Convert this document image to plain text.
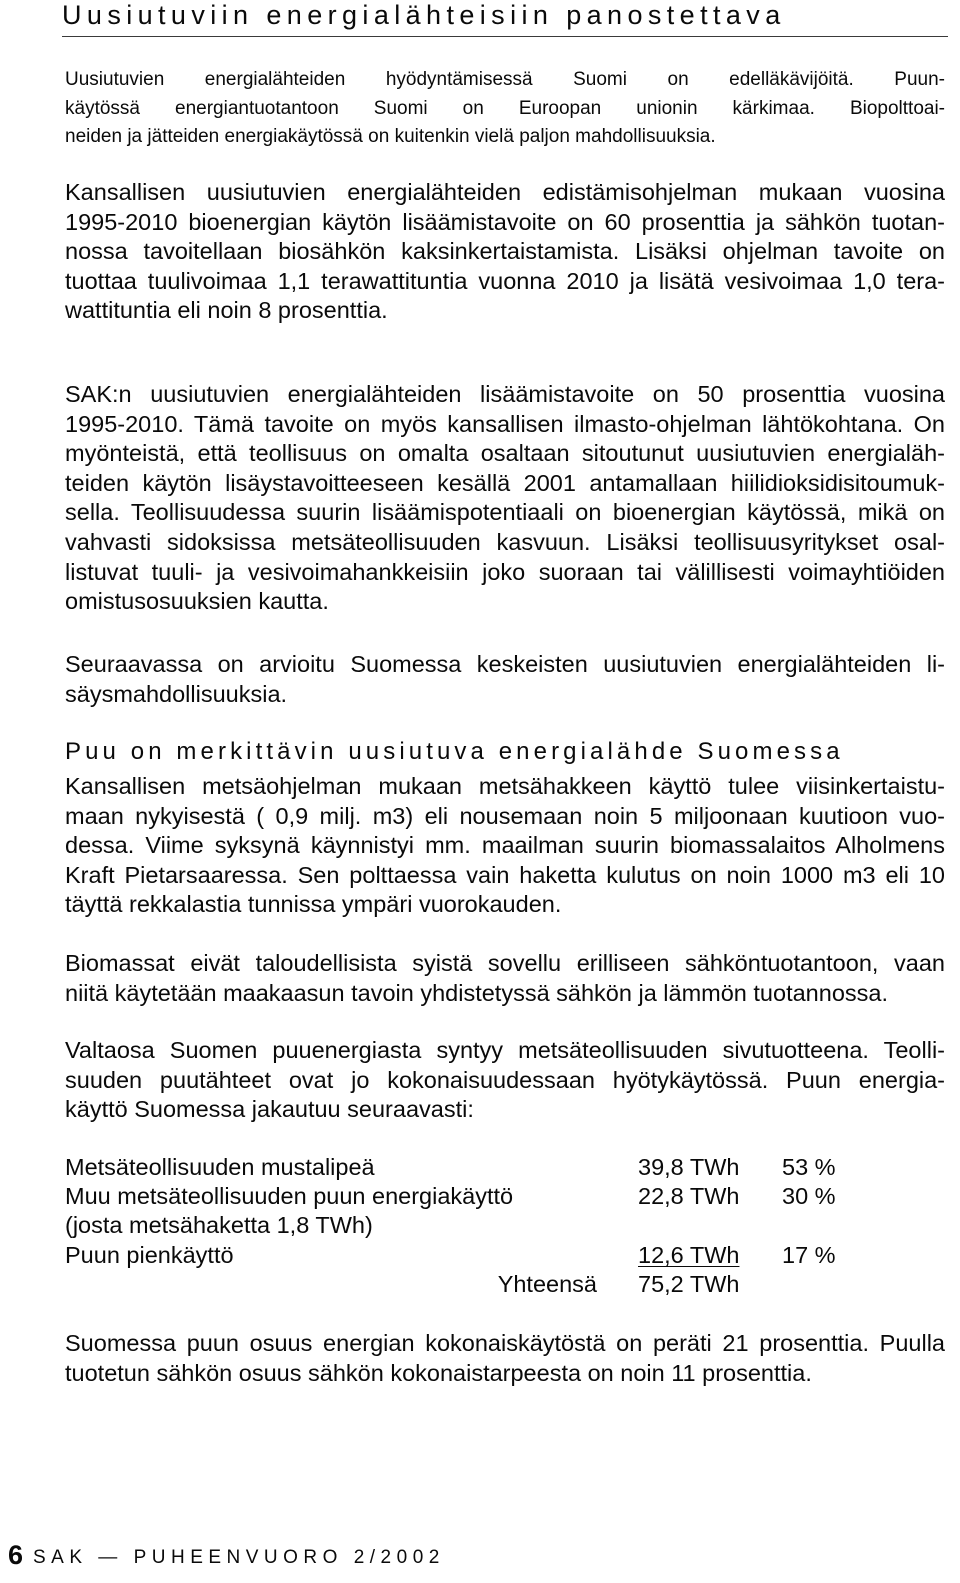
Uusiutuviin energialähteisiin panostettava
Uusiutuvien energialähteiden hyödyntämisessä Suomi on edelläkävijöitä. Puun-
käytössä energiantuotantoon Suomi on Euroopan unionin kärkimaa. Biopolttoai-
neiden ja jätteiden energiakäytössä on kuitenkin vielä paljon mahdollisuuksia.
Kansallisen uusiutuvien energialähteiden edistämisohjelman mukaan vuosina
1995-2010 bioenergian käytön lisäämistavoite on 60 prosenttia ja sähkön tuotan-
nossa tavoitellaan biosähkön kaksinkertaistamista. Lisäksi ohjelman tavoite on
tuottaa tuulivoimaa 1,1 terawattituntia vuonna 2010 ja lisätä vesivoimaa 1,0 tera-
wattituntia eli noin 8 prosenttia.
SAK:n uusiutuvien energialähteiden lisäämistavoite on 50 prosenttia vuosina
1995-2010. Tämä tavoite on myös kansallisen ilmasto-ohjelman lähtökohtana. On
myönteistä, että teollisuus on omalta osaltaan sitoutunut uusiutuvien energialäh-
teiden käytön lisäystavoitteeseen kesällä 2001 antamallaan hiilidioksidisitoumuk-
sella. Teollisuudessa suurin lisäämispotentiaali on bioenergian käytössä, mikä on
vahvasti sidoksissa metsäteollisuuden kasvuun. Lisäksi teollisuusyritykset osal-
listuvat tuuli- ja vesivoimahankkeisiin joko suoraan tai välillisesti voimayhtiöiden
omistusosuuksien kautta.
Seuraavassa on arvioitu Suomessa keskeisten uusiutuvien energialähteiden li-
säysmahdollisuuksia.
Puu on merkittävin uusiutuva energialähde Suomessa
Kansallisen metsäohjelman mukaan metsähakkeen käyttö tulee viisinkertaistu-
maan nykyisestä ( 0,9 milj. m3) eli nousemaan noin 5 miljoonaan kuutioon vuo-
dessa. Viime syksynä käynnistyi mm. maailman suurin biomassalaitos Alholmens
Kraft Pietarsaaressa. Sen polttaessa vain haketta kulutus on noin 1000 m3 eli 10
täyttä rekkalastia tunnissa ympäri vuorokauden.
Biomassat eivät taloudellisista syistä sovellu erilliseen sähköntuotantoon, vaan
niitä käytetään maakaasun tavoin yhdistetyssä sähkön ja lämmön tuotannossa.
Valtaosa Suomen puuenergiasta syntyy metsäteollisuuden sivutuotteena. Teolli-
suuden puutähteet ovat jo kokonaisuudessaan hyötykäytössä. Puun energia-
käyttö Suomessa jakautuu seuraavasti:
Metsäteollisuuden mustalipeä	39,8 TWh 53 %
Muu metsäteollisuuden puun energiakäyttö	22,8 TWh 30 %
(josta metsähaketta 1,8 TWh)
Puun pienkäyttö	12,6 TWh 17 %
Yhteensä 75,2 TWh
Suomessa puun osuus energian kokonaiskäytöstä on peräti 21 prosenttia. Puulla
tuotetun sähkön osuus sähkön kokonaistarpeesta on noin 11 prosenttia.
6 SAK — PUHEENVUORO 2/2002
